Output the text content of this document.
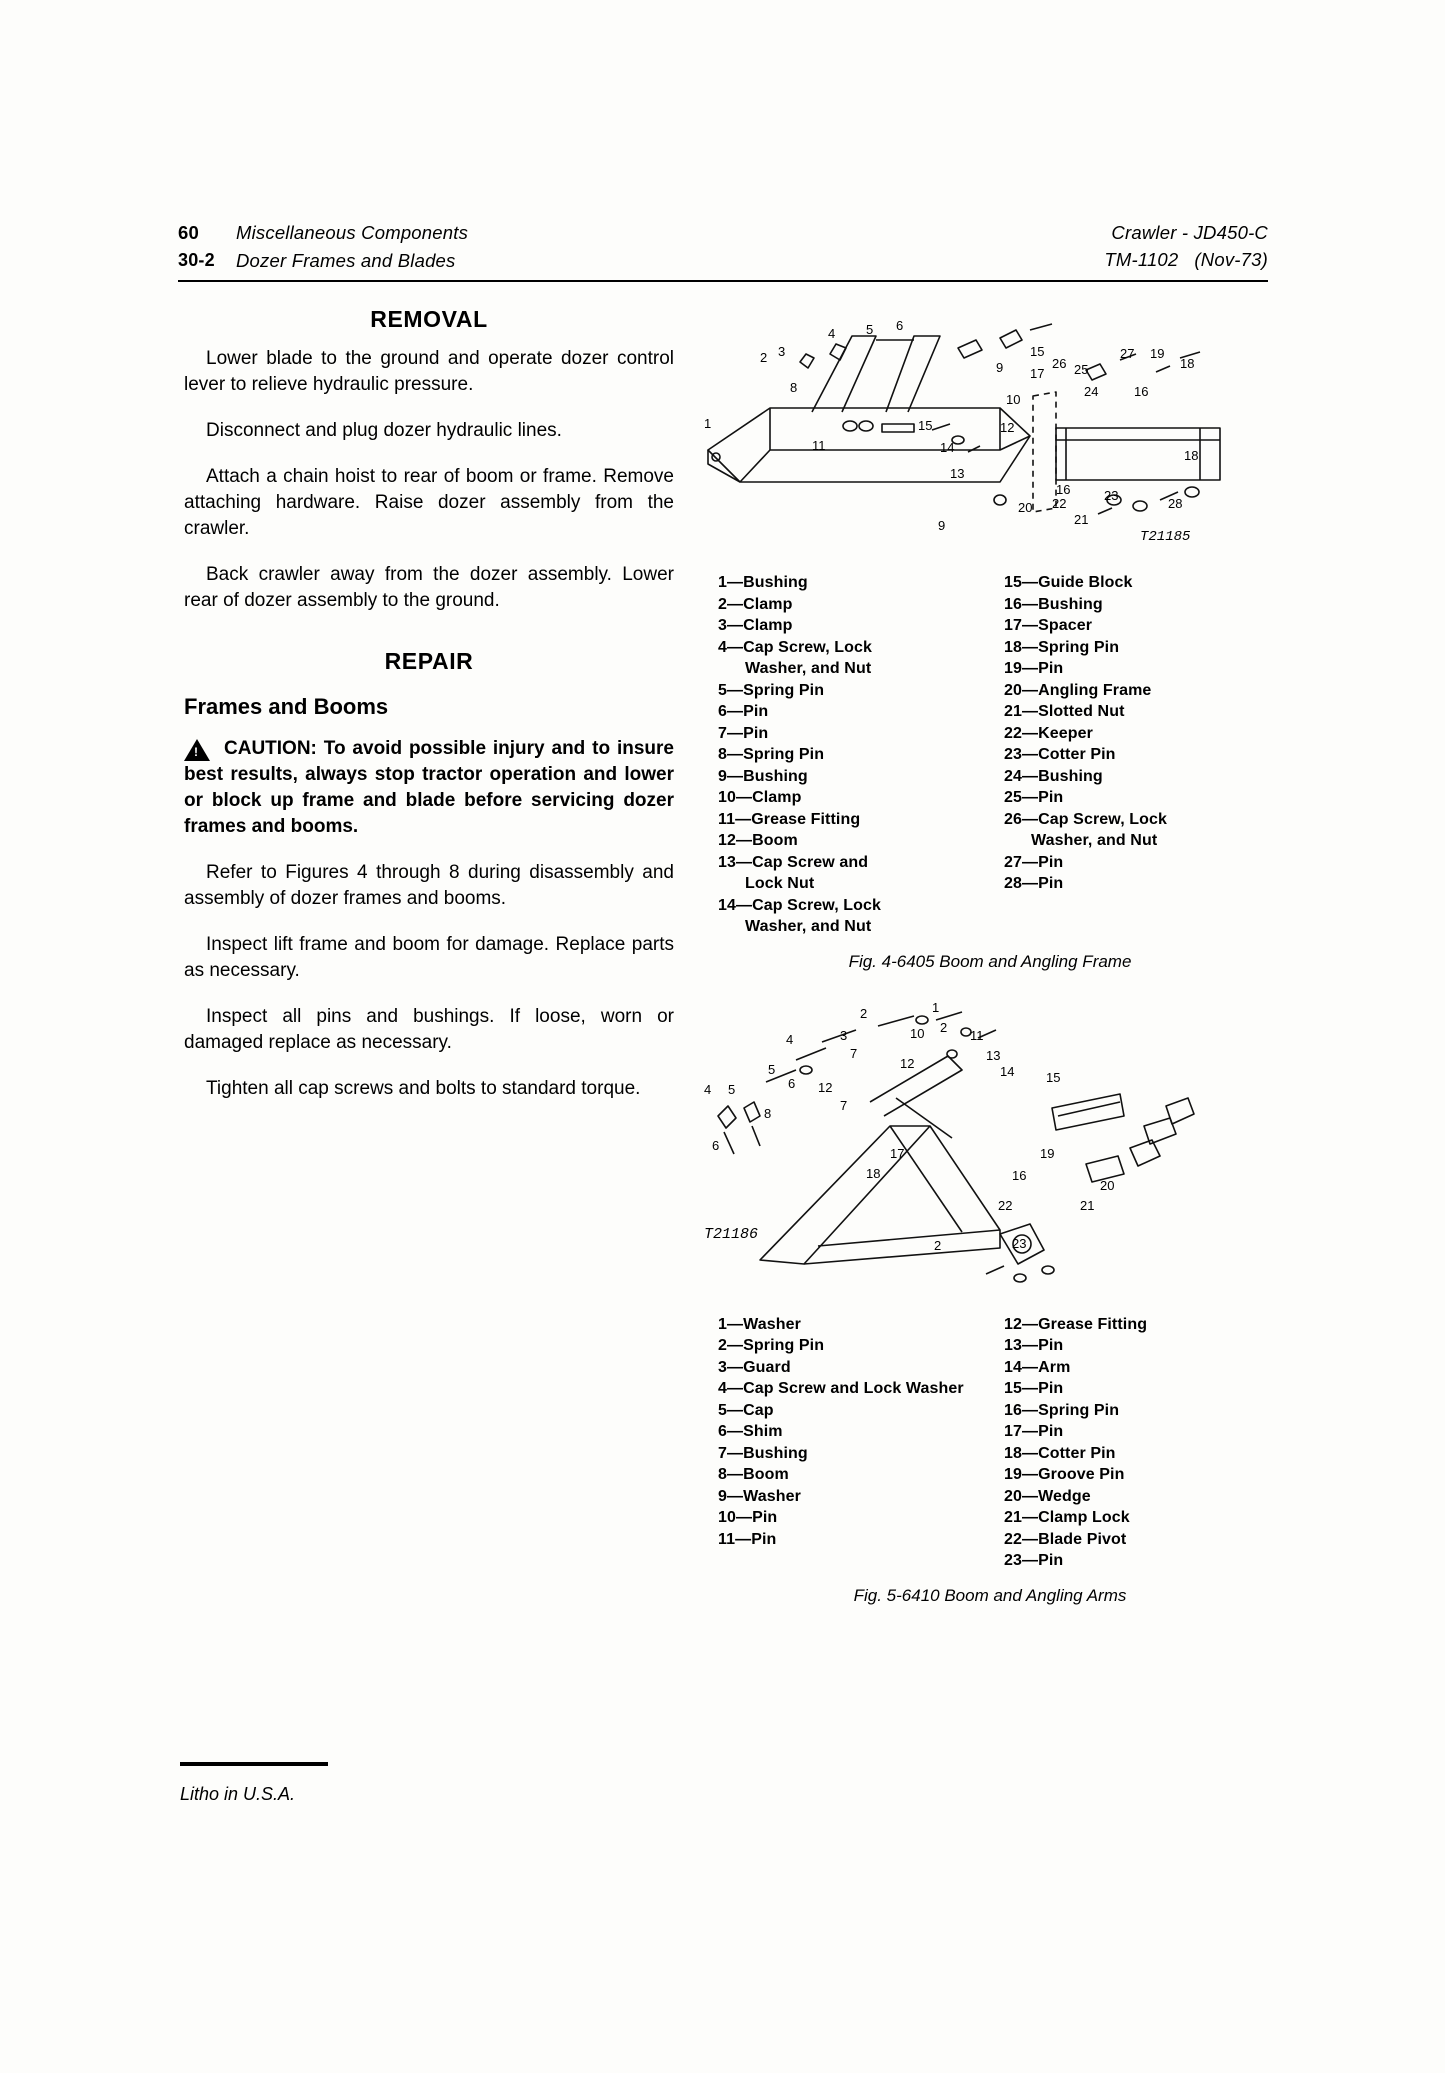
60	Miscellaneous Components	Crawler - JD450-C
30-2	Dozer Frames and Blades	TM-1102   (Nov-73)
REMOVAL

Lower blade to the ground and operate dozer control lever to relieve hydraulic pressure.

Disconnect and plug dozer hydraulic lines.

Attach a chain hoist to rear of boom or frame. Remove attaching hardware. Raise dozer assembly from the crawler.

Back crawler away from the dozer assembly. Lower rear of dozer assembly to the ground.

REPAIR
Frames and Booms
!	CAUTION: To avoid possible injury and to insure best results, always stop tractor operation and lower or block up frame and blade before servicing dozer frames and booms.

Refer to Figures 4 through 8 during disassembly and assembly of dozer frames and booms.

Inspect lift frame and boom for damage. Replace parts as necessary.

Inspect all pins and bushings. If loose, worn or damaged replace as necessary.

Tighten all cap screws and bolts to standard torque.

2 3
4 5 6
1
8
15
9 17
26 25
27 19
18
24	16
10
12
15
14
13
11
18
16
22
20
23
28
21
9
T21185
1—Bushing
2—Clamp
3—Clamp
4—Cap Screw, Lock
Washer, and Nut
5—Spring Pin
6—Pin
7—Pin
8—Spring Pin
9—Bushing
10—Clamp
11—Grease Fitting
12—Boom
13—Cap Screw and
Lock Nut
14—Cap Screw, Lock
Washer, and Nut
15—Guide Block
16—Bushing
17—Spacer
18—Spring Pin
19—Pin
20—Angling Frame
21—Slotted Nut
22—Keeper
23—Cotter Pin
24—Bushing
25—Pin
26—Cap Screw, Lock
Washer, and Nut
27—Pin
28—Pin
Fig. 4-6405 Boom and Angling Frame
2	1
10 2
3	11
4
13
7
14
12
5
6	15
4 5	12
8
7
6
17
18
19
16
20
21
22
23
2
T21186
1—Washer
2—Spring Pin
3—Guard
4—Cap Screw and Lock Washer
5—Cap
6—Shim
7—Bushing
8—Boom
9—Washer
10—Pin
11—Pin
12—Grease Fitting
13—Pin
14—Arm
15—Pin
16—Spring Pin
17—Pin
18—Cotter Pin
19—Groove Pin
20—Wedge
21—Clamp Lock
22—Blade Pivot
23—Pin
Fig. 5-6410 Boom and Angling Arms
Litho in U.S.A.
